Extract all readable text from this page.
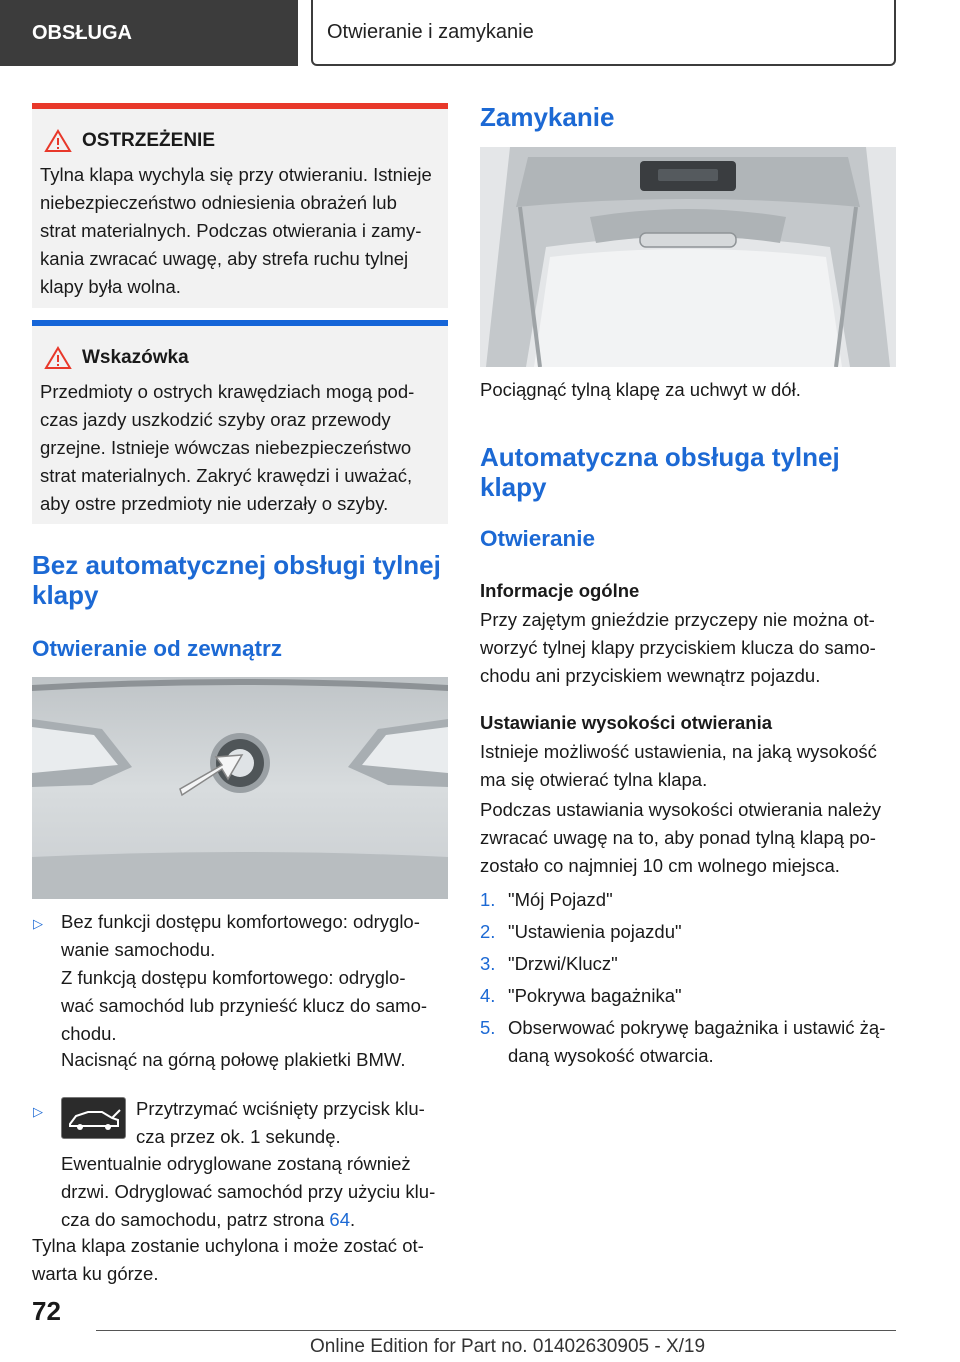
OBSŁUGA	Otwieranie i zamykanie
OSTRZEŻENIE
Tylna klapa wychyla się przy otwieraniu. Istnieje
niebezpieczeństwo odniesienia obrażeń lub
strat materialnych. Podczas otwierania i zamy-
kania zwracać uwagę, aby strefa ruchu tylnej
klapy była wolna.
Wskazówka
Przedmioty o ostrych krawędziach mogą pod-
czas jazdy uszkodzić szyby oraz przewody
grzejne. Istnieje wówczas niebezpieczeństwo
strat materialnych. Zakryć krawędzi i uważać,
aby ostre przedmioty nie uderzały o szyby.
Bez automatycznej obsługi tylnej
klapy
Otwieranie od zewnątrz
▷ Bez funkcji dostępu komfortowego: odryglo-
wanie samochodu.
Z funkcją dostępu komfortowego: odryglo-
wać samochód lub przynieść klucz do samo-
chodu.
Nacisnąć na górną połowę plakietki BMW.
▷	Przytrzymać wciśnięty przycisk klu-
cza przez ok. 1 sekundę.
Ewentualnie odryglowane zostaną również
drzwi. Odryglować samochód przy użyciu klu-
cza do samochodu, patrz strona 64.
Tylna klapa zostanie uchylona i może zostać ot-
warta ku górze.
Zamykanie
Pociągnąć tylną klapę za uchwyt w dół.
Automatyczna obsługa tylnej
klapy
Otwieranie
Informacje ogólne
Przy zajętym gnieździe przyczepy nie można ot-
worzyć tylnej klapy przyciskiem klucza do samo-
chodu ani przyciskiem wewnątrz pojazdu.
Ustawianie wysokości otwierania
Istnieje możliwość ustawienia, na jaką wysokość
ma się otwierać tylna klapa.
Podczas ustawiania wysokości otwierania należy
zwracać uwagę na to, aby ponad tylną klapą po-
zostało co najmniej 10 cm wolnego miejsca.
1. "Mój Pojazd"
2. "Ustawienia pojazdu"
3. "Drzwi/Klucz"
4. "Pokrywa bagażnika"
5. Obserwować pokrywę bagażnika i ustawić żą-
daną wysokość otwarcia.
72
Online Edition for Part no. 01402630905 - X/19
